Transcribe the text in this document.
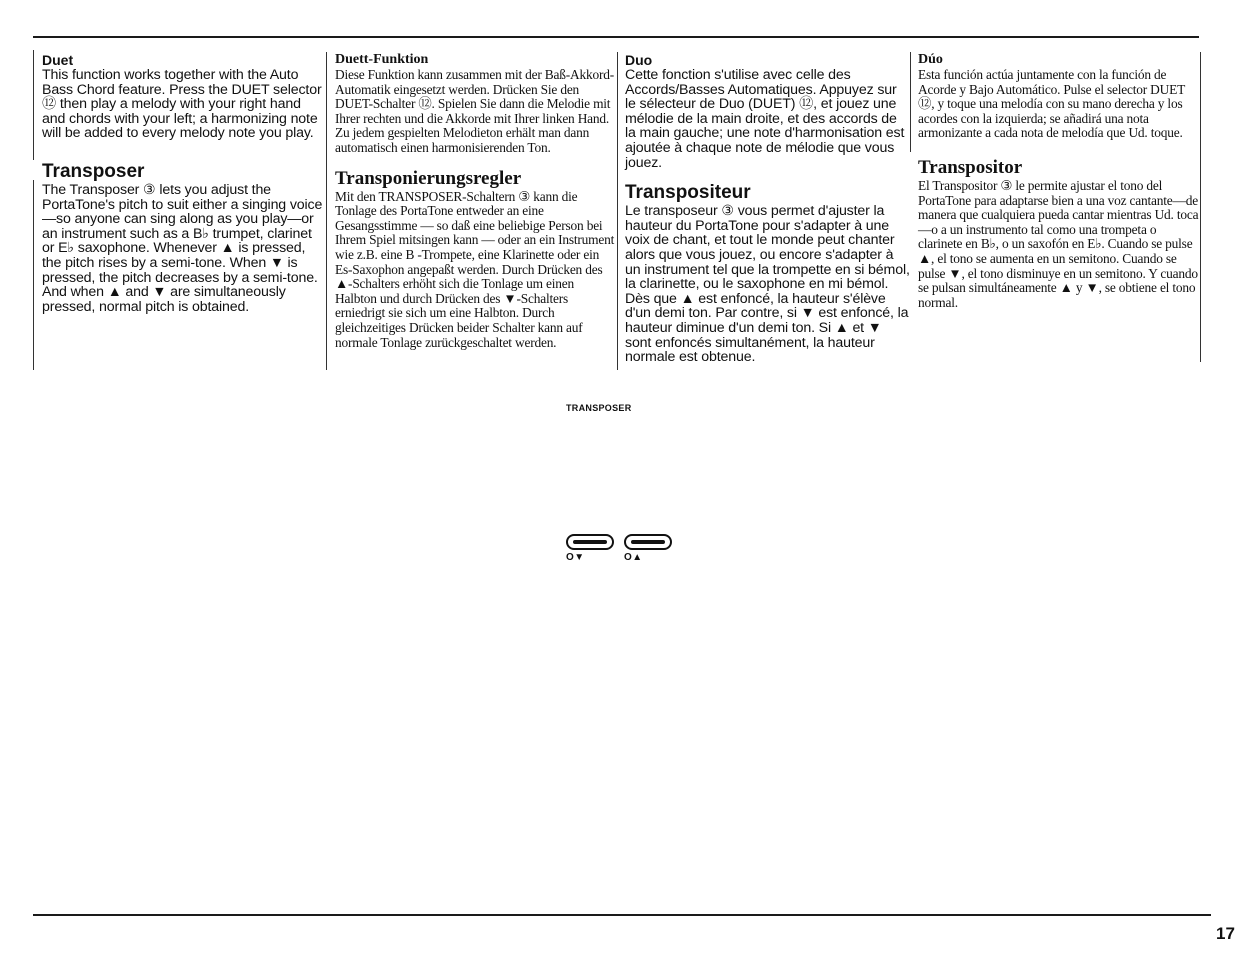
Duet

This function works together with the Auto Bass Chord feature. Press the DUET selector ⑫ then play a melody with your right hand and chords with your left; a harmonizing note will be added to every melody note you play.

Transposer

The Transposer ③ lets you adjust the PortaTone's pitch to suit either a singing voice—so anyone can sing along as you play—or an instrument such as a B♭ trumpet, clarinet or E♭ saxophone. Whenever ▲ is pressed, the pitch rises by a semi-tone. When ▼ is pressed, the pitch decreases by a semi-tone. And when ▲ and ▼ are simultaneously pressed, normal pitch is obtained.

Duett-Funktion

Diese Funktion kann zusammen mit der Baß-Akkord-Automatik eingesetzt werden. Drücken Sie den DUET-Schalter ⑫. Spielen Sie dann die Melodie mit Ihrer rechten und die Akkorde mit Ihrer linken Hand. Zu jedem gespielten Melodieton erhält man dann automatisch einen harmonisierenden Ton.

Transponierungsregler

Mit den TRANSPOSER-Schaltern ③ kann die Tonlage des PortaTone entweder an eine Gesangsstimme — so daß eine beliebige Person bei Ihrem Spiel mitsingen kann — oder an ein Instrument wie z.B. eine B -Trompete, eine Klarinette oder ein Es-Saxophon angepaßt werden. Durch Drücken des ▲-Schalters erhöht sich die Tonlage um einen Halbton und durch Drücken des ▼-Schalters erniedrigt sie sich um eine Halbton. Durch gleichzeitiges Drücken beider Schalter kann auf normale Tonlage zurückgeschaltet werden.

Duo

Cette fonction s'utilise avec celle des Accords/Basses Automatiques. Appuyez sur le sélecteur de Duo (DUET) ⑫, et jouez une mélodie de la main droite, et des accords de la main gauche; une note d'harmonisation est ajoutée à chaque note de mélodie que vous jouez.

Transpositeur

Le transposeur ③ vous permet d'ajuster la hauteur du PortaTone pour s'adapter à une voix de chant, et tout le monde peut chanter alors que vous jouez, ou encore s'adapter à un instrument tel que la trompette en si bémol, la clarinette, ou le saxophone en mi bémol. Dès que ▲ est enfoncé, la hauteur s'élève d'un demi ton. Par contre, si ▼ est enfoncé, la hauteur diminue d'un demi ton. Si ▲ et ▼ sont enfoncés simultanément, la hauteur normale est obtenue.

Dúo

Esta función actúa juntamente con la función de Acorde y Bajo Automático. Pulse el selector DUET ⑫, y toque una melodía con su mano derecha y los acordes con la izquierda; se añadirá una nota armonizante a cada nota de melodía que Ud. toque.

Transpositor

El Transpositor ③ le permite ajustar el tono del PortaTone para adaptarse bien a una voz cantante—de manera que cualquiera pueda cantar mientras Ud. toca—o a un instrumento tal como una trompeta o clarinete en B♭, o un saxofón en E♭. Cuando se pulse ▲, el tono se aumenta en un semitono. Cuando se pulse ▼, el tono disminuye en un semitono. Y cuando se pulsan simultáneamente ▲ y ▼, se obtiene el tono normal.

TRANSPOSER
O▼	O▲
17
